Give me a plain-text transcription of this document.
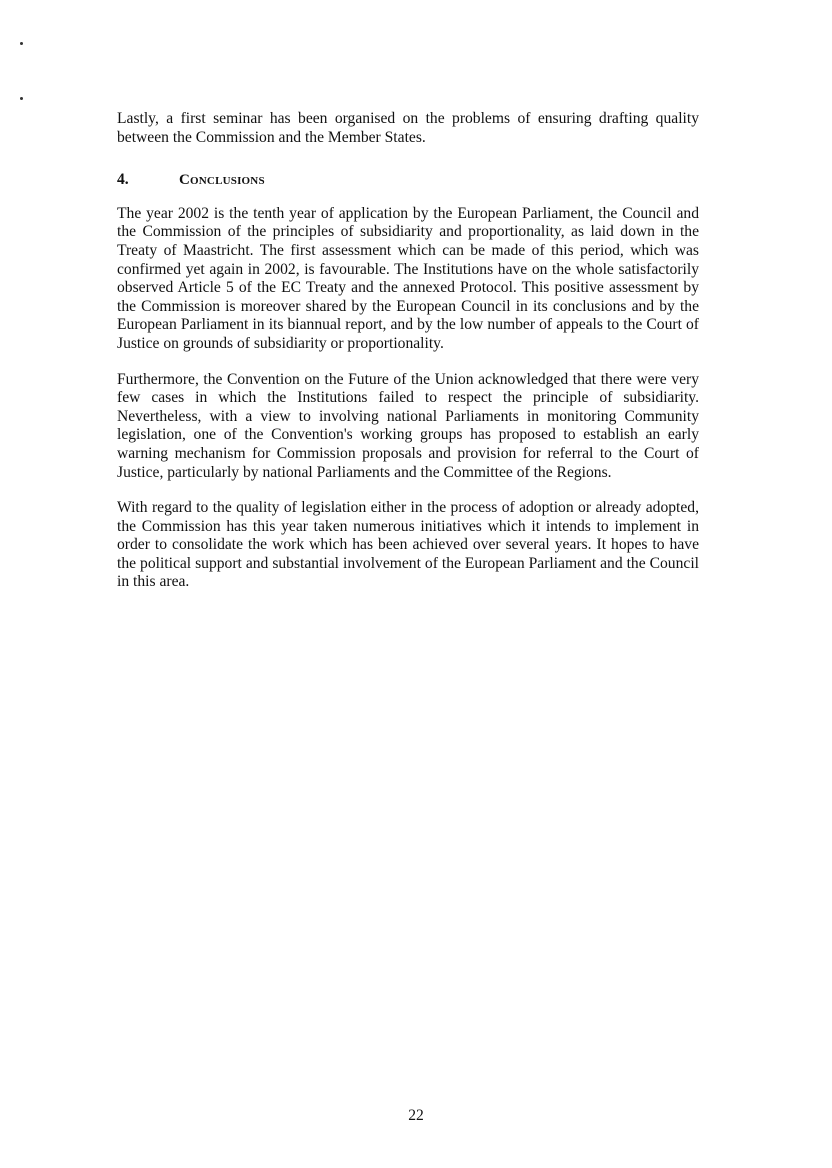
Lastly, a first seminar has been organised on the problems of ensuring drafting quality between the Commission and the Member States.

4.	Conclusions

The year 2002 is the tenth year of application by the European Parliament, the Council and the Commission of the principles of subsidiarity and proportionality, as laid down in the Treaty of Maastricht. The first assessment which can be made of this period, which was confirmed yet again in 2002, is favourable. The Institutions have on the whole satisfactorily observed Article 5 of the EC Treaty and the annexed Protocol. This positive assessment by the Commission is moreover shared by the European Council in its conclusions and by the European Parliament in its biannual report, and by the low number of appeals to the Court of Justice on grounds of subsidiarity or proportionality.

Furthermore, the Convention on the Future of the Union acknowledged that there were very few cases in which the Institutions failed to respect the principle of subsidiarity. Nevertheless, with a view to involving national Parliaments in monitoring Community legislation, one of the Convention's working groups has proposed to establish an early warning mechanism for Commission proposals and provision for referral to the Court of Justice, particularly by national Parliaments and the Committee of the Regions.

With regard to the quality of legislation either in the process of adoption or already adopted, the Commission has this year taken numerous initiatives which it intends to implement in order to consolidate the work which has been achieved over several years. It hopes to have the political support and substantial involvement of the European Parliament and the Council in this area.

22
